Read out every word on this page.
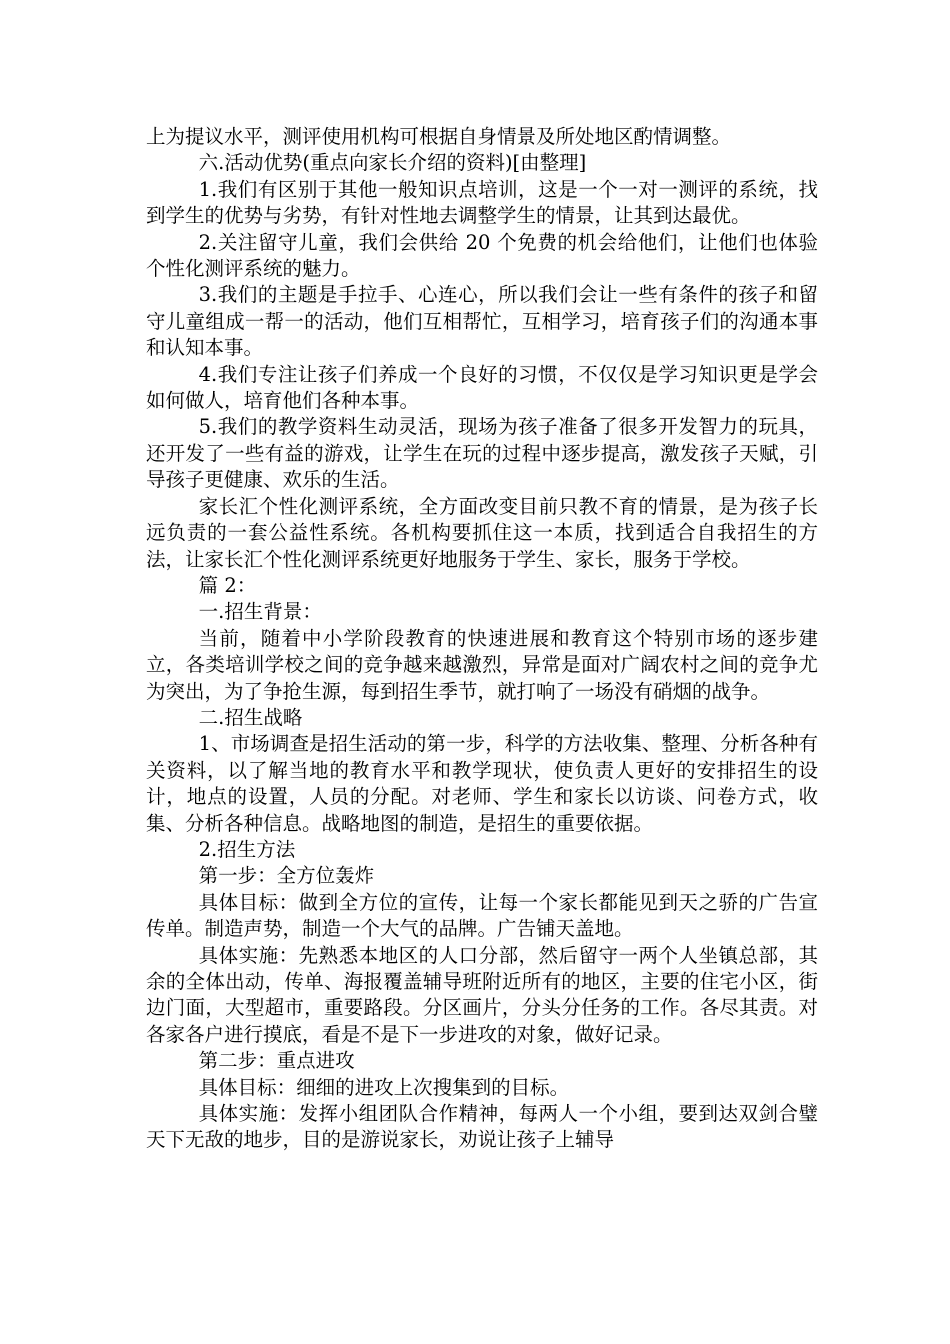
上为提议水平，测评使用机构可根据自身情景及所处地区酌情调整。

六.活动优势(重点向家长介绍的资料)[由整理]

1.我们有区别于其他一般知识点培训，这是一个一对一测评的系统，找到学生的优势与劣势，有针对性地去调整学生的情景，让其到达最优。

2.关注留守儿童，我们会供给 20 个免费的机会给他们，让他们也体验个性化测评系统的魅力。

3.我们的主题是手拉手、心连心，所以我们会让一些有条件的孩子和留守儿童组成一帮一的活动，他们互相帮忙，互相学习，培育孩子们的沟通本事和认知本事。

4.我们专注让孩子们养成一个良好的习惯，不仅仅是学习知识更是学会如何做人，培育他们各种本事。

5.我们的教学资料生动灵活，现场为孩子准备了很多开发智力的玩具，还开发了一些有益的游戏，让学生在玩的过程中逐步提高，激发孩子天赋，引导孩子更健康、欢乐的生活。

家长汇个性化测评系统，全方面改变目前只教不育的情景，是为孩子长远负责的一套公益性系统。各机构要抓住这一本质，找到适合自我招生的方法，让家长汇个性化测评系统更好地服务于学生、家长，服务于学校。

篇 2：

一.招生背景：

当前，随着中小学阶段教育的快速进展和教育这个特别市场的逐步建立，各类培训学校之间的竞争越来越激烈，异常是面对广阔农村之间的竞争尤为突出，为了争抢生源，每到招生季节，就打响了一场没有硝烟的战争。

二.招生战略

1、市场调查是招生活动的第一步，科学的方法收集、整理、分析各种有关资料，以了解当地的教育水平和教学现状，使负责人更好的安排招生的设计，地点的设置，人员的分配。对老师、学生和家长以访谈、问卷方式，收集、分析各种信息。战略地图的制造，是招生的重要依据。

2.招生方法

第一步：全方位轰炸

具体目标：做到全方位的宣传，让每一个家长都能见到天之骄的广告宣传单。制造声势，制造一个大气的品牌。广告铺天盖地。

具体实施：先熟悉本地区的人口分部，然后留守一两个人坐镇总部，其余的全体出动，传单、海报覆盖辅导班附近所有的地区，主要的住宅小区，街边门面，大型超市，重要路段。分区画片，分头分任务的工作。各尽其责。对各家各户进行摸底，看是不是下一步进攻的对象，做好记录。

第二步：重点进攻

具体目标：细细的进攻上次搜集到的目标。

具体实施：发挥小组团队合作精神，每两人一个小组，要到达双剑合璧天下无敌的地步，目的是游说家长，劝说让孩子上辅导
